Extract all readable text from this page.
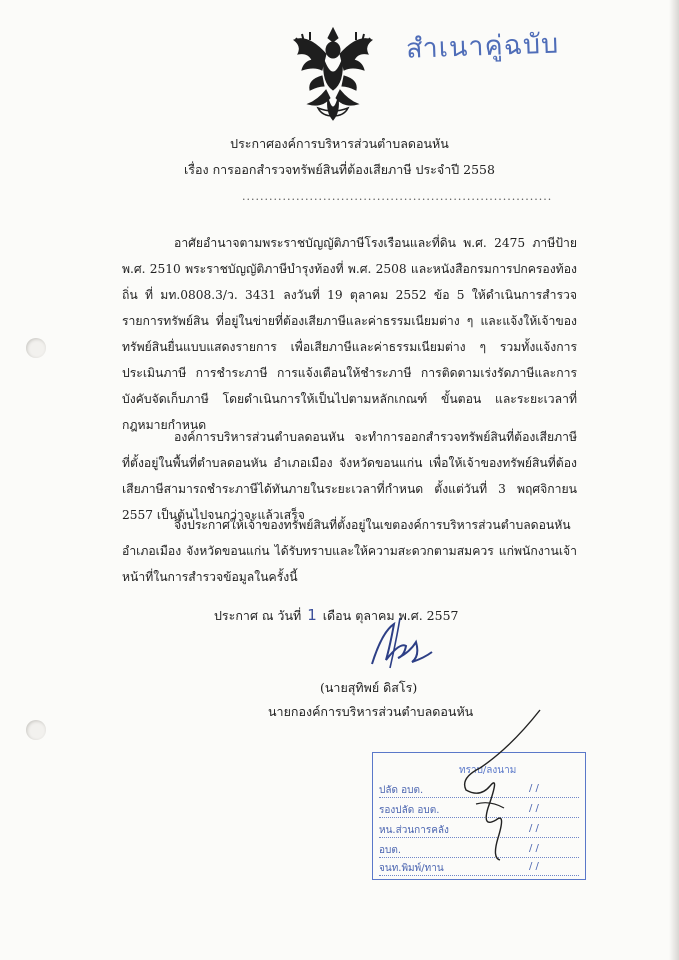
สำเนาคู่ฉบับ
ประกาศองค์การบริหารส่วนตำบลดอนหัน
เรื่อง การออกสำรวจทรัพย์สินที่ต้องเสียภาษี ประจำปี 2558
.....................................................................
อาศัยอำนาจตามพระราชบัญญัติภาษีโรงเรือนและที่ดิน พ.ศ. 2475 ภาษีป้าย พ.ศ. 2510 พระราชบัญญัติภาษีบำรุงท้องที่ พ.ศ. 2508 และหนังสือกรมการปกครองท้องถิ่น ที่ มท.0808.3/ว. 3431 ลงวันที่ 19 ตุลาคม 2552 ข้อ 5 ให้ดำเนินการสำรวจรายการทรัพย์สิน ที่อยู่ในข่ายที่ต้องเสียภาษีและค่าธรรมเนียมต่าง ๆ และแจ้งให้เจ้าของทรัพย์สินยื่นแบบแสดงรายการ เพื่อเสียภาษีและค่าธรรมเนียมต่าง ๆ รวมทั้งแจ้งการประเมินภาษี การชำระภาษี การแจ้งเตือนให้ชำระภาษี การติดตามเร่งรัดภาษีและการบังคับจัดเก็บภาษี โดยดำเนินการให้เป็นไปตามหลักเกณฑ์ ขั้นตอน และระยะเวลาที่กฎหมายกำหนด
องค์การบริหารส่วนตำบลดอนหัน จะทำการออกสำรวจทรัพย์สินที่ต้องเสียภาษีที่ตั้งอยู่ในพื้นที่ตำบลดอนหัน อำเภอเมือง จังหวัดขอนแก่น เพื่อให้เจ้าของทรัพย์สินที่ต้องเสียภาษีสามารถชำระภาษีได้ทันภายในระยะเวลาที่กำหนด ตั้งแต่วันที่ 3 พฤศจิกายน 2557 เป็นต้นไปจนกว่าจะแล้วเสร็จ
จึงประกาศให้เจ้าของทรัพย์สินที่ตั้งอยู่ในเขตองค์การบริหารส่วนตำบลดอนหัน อำเภอเมือง จังหวัดขอนแก่น ได้รับทราบและให้ความสะดวกตามสมควร แก่พนักงานเจ้าหน้าที่ในการสำรวจข้อมูลในครั้งนี้
ประกาศ ณ วันที่ 1 เดือน ตุลาคม พ.ศ. 2557
(นายสุทิพย์ ดิสโร)
นายกองค์การบริหารส่วนตำบลดอนหัน
ทราบ/ลงนาม
ปลัด อบต.	/ /
รองปลัด อบต.	/ /
หน.ส่วนการคลัง	/ /
อบต.	/ /
จนท.พิมพ์/ทาน	/ /
